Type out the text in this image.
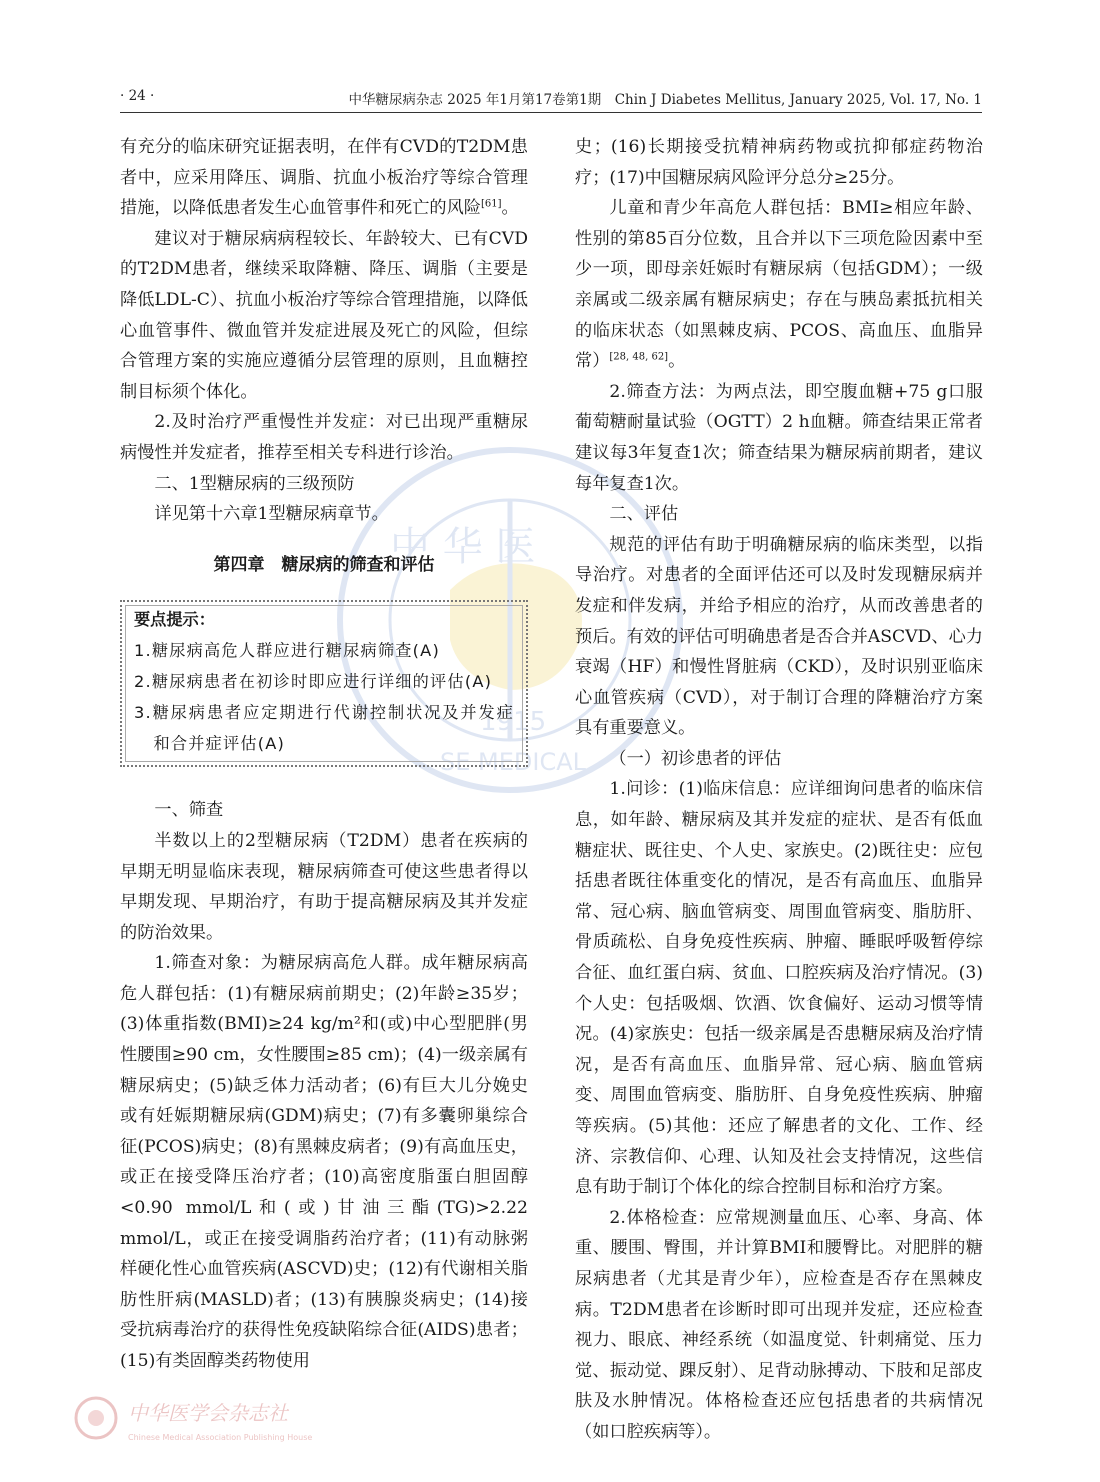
· 24 ·	中华糖尿病杂志 2025 年1月第17卷第1期　Chin J Diabetes Mellitus, January 2025, Vol. 17, No. 1
中 华 医
1915
SE MEDICAL

有充分的临床研究证据表明，在伴有CVD的T2DM患者中，应采用降压、调脂、抗血小板治疗等综合管理措施，以降低患者发生心血管事件和死亡的风险[61]。

建议对于糖尿病病程较长、年龄较大、已有CVD的T2DM患者，继续采取降糖、降压、调脂（主要是降低LDL-C）、抗血小板治疗等综合管理措施，以降低心血管事件、微血管并发症进展及死亡的风险，但综合管理方案的实施应遵循分层管理的原则，且血糖控制目标须个体化。

2.及时治疗严重慢性并发症：对已出现严重糖尿病慢性并发症者，推荐至相关专科进行诊治。

二、1型糖尿病的三级预防

详见第十六章1型糖尿病章节。

第四章　糖尿病的筛查和评估

要点提示：
1.糖尿病高危人群应进行糖尿病筛查(A)
2.糖尿病患者在初诊时即应进行详细的评估(A)
3.糖尿病患者应定期进行代谢控制状况及并发症和合并症评估(A)

一、筛查

半数以上的2型糖尿病（T2DM）患者在疾病的早期无明显临床表现，糖尿病筛查可使这些患者得以早期发现、早期治疗，有助于提高糖尿病及其并发症的防治效果。

1.筛查对象：为糖尿病高危人群。成年糖尿病高危人群包括：(1)有糖尿病前期史；(2)年龄≥35岁；(3)体重指数(BMI)≥24 kg/m²和(或)中心型肥胖(男性腰围≥90 cm，女性腰围≥85 cm)；(4)一级亲属有糖尿病史；(5)缺乏体力活动者；(6)有巨大儿分娩史或有妊娠期糖尿病(GDM)病史；(7)有多囊卵巢综合征(PCOS)病史；(8)有黑棘皮病者；(9)有高血压史，或正在接受降压治疗者；(10)高密度脂蛋白胆固醇<0.90 mmol/L和(或)甘油三酯(TG)>2.22 mmol/L，或正在接受调脂药治疗者；(11)有动脉粥样硬化性心血管疾病(ASCVD)史；(12)有代谢相关脂肪性肝病(MASLD)者；(13)有胰腺炎病史；(14)接受抗病毒治疗的获得性免疫缺陷综合征(AIDS)患者；(15)有类固醇类药物使用

史；(16)长期接受抗精神病药物或抗抑郁症药物治疗；(17)中国糖尿病风险评分总分≥25分。

儿童和青少年高危人群包括：BMI≥相应年龄、性别的第85百分位数，且合并以下三项危险因素中至少一项，即母亲妊娠时有糖尿病（包括GDM）；一级亲属或二级亲属有糖尿病史；存在与胰岛素抵抗相关的临床状态（如黑棘皮病、PCOS、高血压、血脂异常）[28, 48, 62]。

2.筛查方法：为两点法，即空腹血糖+75 g口服葡萄糖耐量试验（OGTT）2 h血糖。筛查结果正常者建议每3年复查1次；筛查结果为糖尿病前期者，建议每年复查1次。

二、评估

规范的评估有助于明确糖尿病的临床类型，以指导治疗。对患者的全面评估还可以及时发现糖尿病并发症和伴发病，并给予相应的治疗，从而改善患者的预后。有效的评估可明确患者是否合并ASCVD、心力衰竭（HF）和慢性肾脏病（CKD），及时识别亚临床心血管疾病（CVD），对于制订合理的降糖治疗方案具有重要意义。

（一）初诊患者的评估

1.问诊：(1)临床信息：应详细询问患者的临床信息，如年龄、糖尿病及其并发症的症状、是否有低血糖症状、既往史、个人史、家族史。(2)既往史：应包括患者既往体重变化的情况，是否有高血压、血脂异常、冠心病、脑血管病变、周围血管病变、脂肪肝、骨质疏松、自身免疫性疾病、肿瘤、睡眠呼吸暂停综合征、血红蛋白病、贫血、口腔疾病及治疗情况。(3)个人史：包括吸烟、饮酒、饮食偏好、运动习惯等情况。(4)家族史：包括一级亲属是否患糖尿病及治疗情况，是否有高血压、血脂异常、冠心病、脑血管病变、周围血管病变、脂肪肝、自身免疫性疾病、肿瘤等疾病。(5)其他：还应了解患者的文化、工作、经济、宗教信仰、心理、认知及社会支持情况，这些信息有助于制订个体化的综合控制目标和治疗方案。

2.体格检查：应常规测量血压、心率、身高、体重、腰围、臀围，并计算BMI和腰臀比。对肥胖的糖尿病患者（尤其是青少年），应检查是否存在黑棘皮病。T2DM患者在诊断时即可出现并发症，还应检查视力、眼底、神经系统（如温度觉、针刺痛觉、压力觉、振动觉、踝反射）、足背动脉搏动、下肢和足部皮肤及水肿情况。体格检查还应包括患者的共病情况（如口腔疾病等）。

中华医学会杂志社
Chinese Medical Association Publishing House
